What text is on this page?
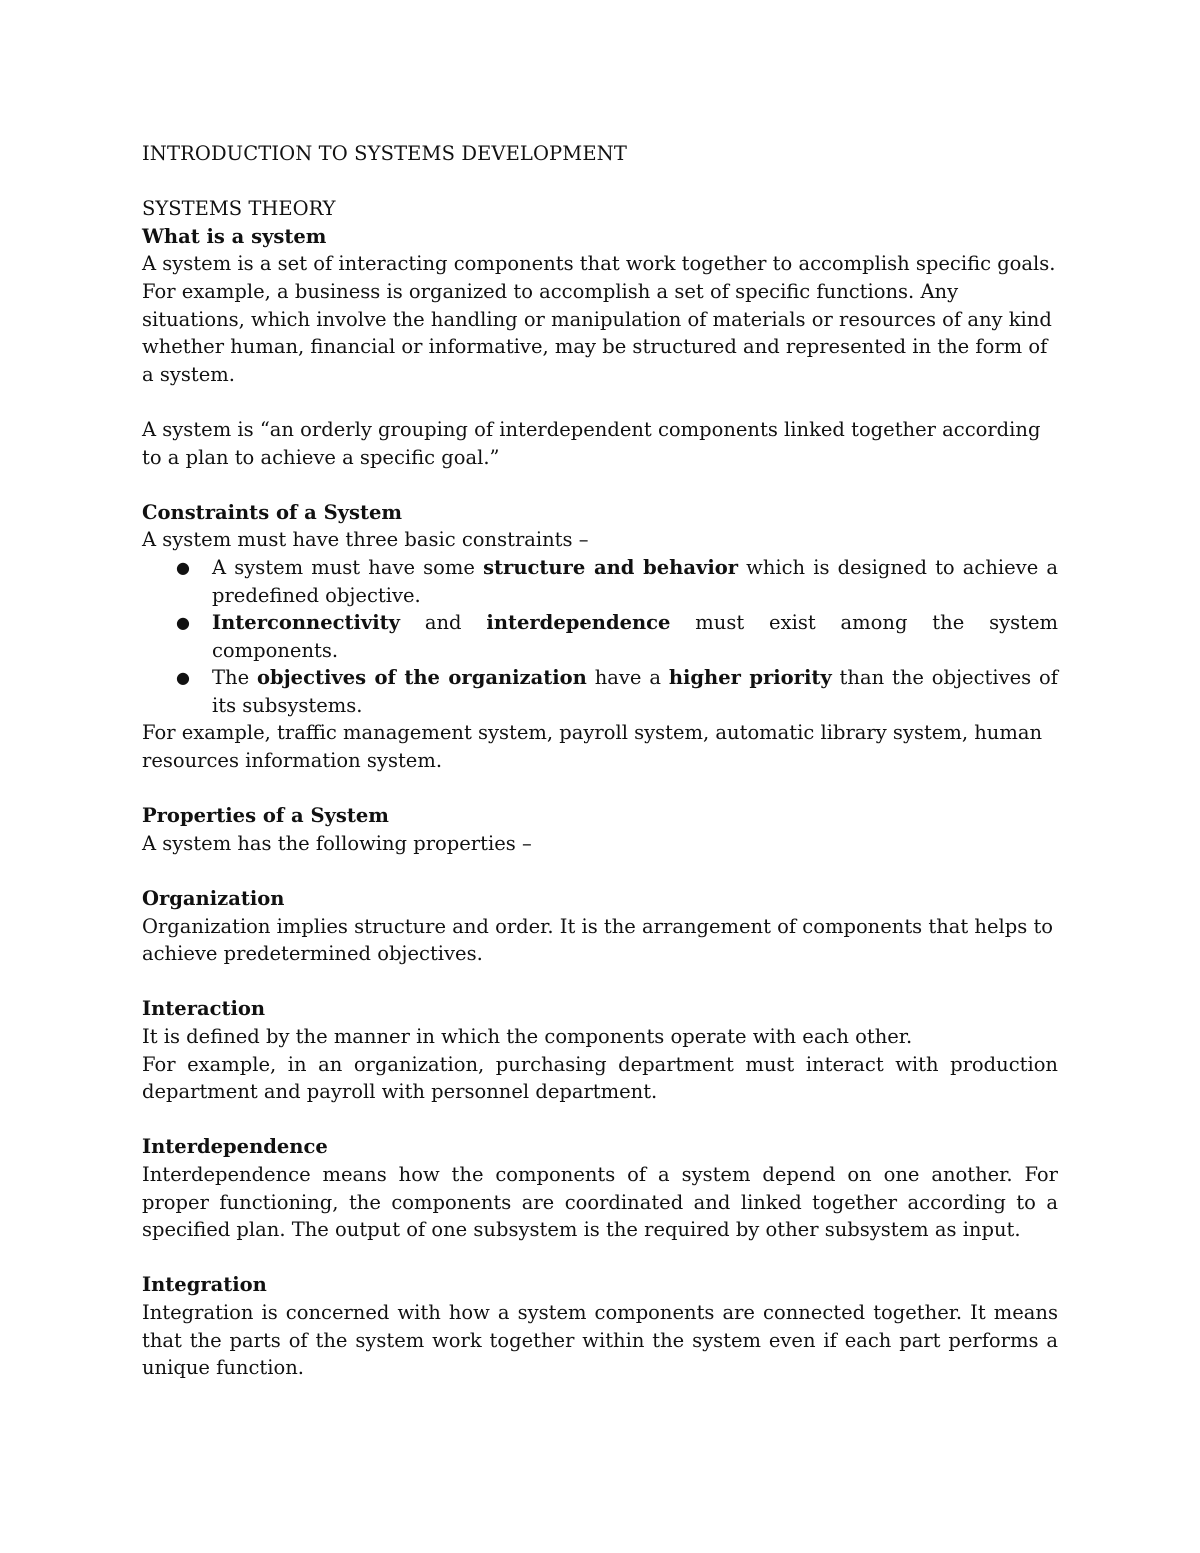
INTRODUCTION TO SYSTEMS DEVELOPMENT

SYSTEMS THEORY

What is a system

A system is a set of interacting components that work together to accomplish specific goals. For example, a business is organized to accomplish a set of specific functions. Any situations, which involve the handling or manipulation of materials or resources of any kind whether human, financial or informative, may be structured and represented in the form of a system.

A system is “an orderly grouping of interdependent components linked together according to a plan to achieve a specific goal.”

Constraints of a System

A system must have three basic constraints –

● A system must have some structure and behavior which is designed to achieve a predefined objective.
● Interconnectivity and interdependence must exist among the system components.
● The objectives of the organization have a higher priority than the objectives of its subsystems.

For example, traffic management system, payroll system, automatic library system, human resources information system.

Properties of a System

A system has the following properties –

Organization

Organization implies structure and order. It is the arrangement of components that helps to achieve predetermined objectives.

Interaction

It is defined by the manner in which the components operate with each other.

For example, in an organization, purchasing department must interact with production department and payroll with personnel department.

Interdependence

Interdependence means how the components of a system depend on one another. For proper functioning, the components are coordinated and linked together according to a specified plan. The output of one subsystem is the required by other subsystem as input.

Integration

Integration is concerned with how a system components are connected together. It means that the parts of the system work together within the system even if each part performs a unique function.
